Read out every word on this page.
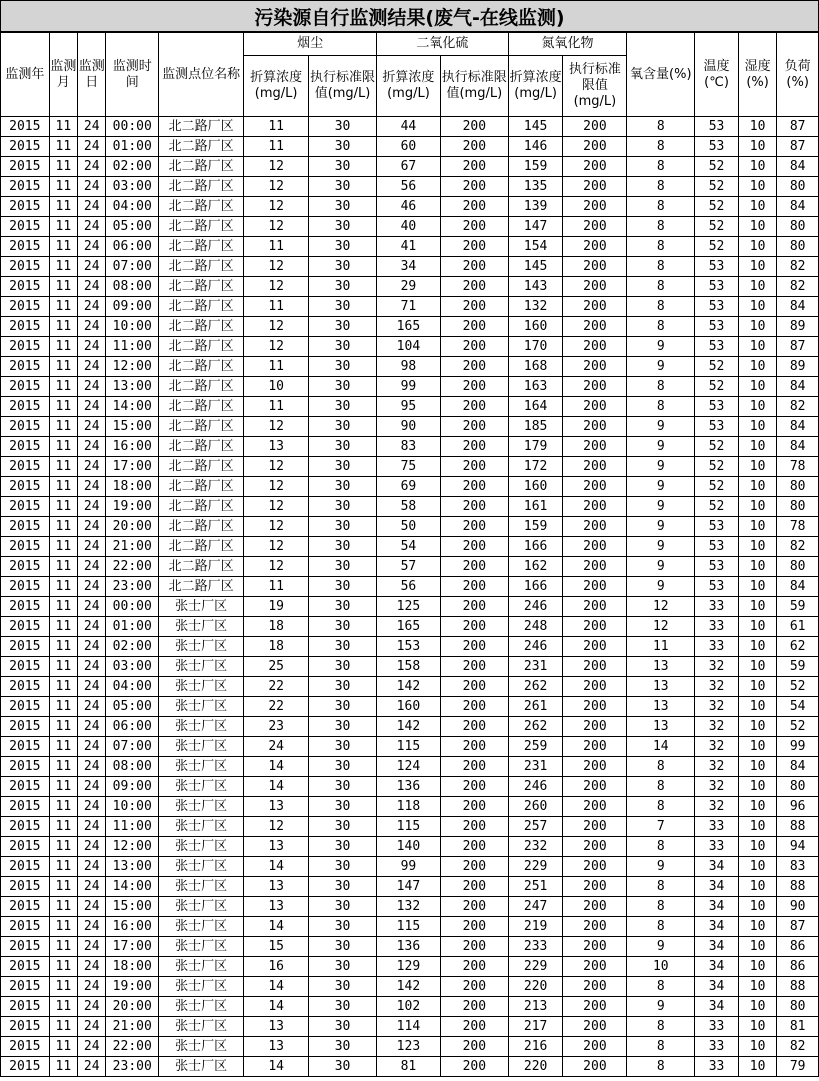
污染源自行监测结果(废气-在线监测)
监测年	监测月	监测日	监测时间	监测点位名称	烟尘		二氧化硫		氮氧化物		氧含量(%)	温度(℃)	湿度(%)	负荷(%)
					折算浓度(mg/L)	执行标准限值(mg/L)	折算浓度(mg/L)	执行标准限值(mg/L)	折算浓度(mg/L)	执行标准限值(mg/L)				
2015	11	24	00:00	北二路厂区	11	30	44	200	145	200	8	53	10	87
2015	11	24	01:00	北二路厂区	11	30	60	200	146	200	8	53	10	87
2015	11	24	02:00	北二路厂区	12	30	67	200	159	200	8	52	10	84
2015	11	24	03:00	北二路厂区	12	30	56	200	135	200	8	52	10	80
2015	11	24	04:00	北二路厂区	12	30	46	200	139	200	8	52	10	84
2015	11	24	05:00	北二路厂区	12	30	40	200	147	200	8	52	10	80
2015	11	24	06:00	北二路厂区	11	30	41	200	154	200	8	52	10	80
2015	11	24	07:00	北二路厂区	12	30	34	200	145	200	8	53	10	82
2015	11	24	08:00	北二路厂区	12	30	29	200	143	200	8	53	10	82
2015	11	24	09:00	北二路厂区	11	30	71	200	132	200	8	53	10	84
2015	11	24	10:00	北二路厂区	12	30	165	200	160	200	8	53	10	89
2015	11	24	11:00	北二路厂区	12	30	104	200	170	200	9	53	10	87
2015	11	24	12:00	北二路厂区	11	30	98	200	168	200	9	52	10	89
2015	11	24	13:00	北二路厂区	10	30	99	200	163	200	8	52	10	84
2015	11	24	14:00	北二路厂区	11	30	95	200	164	200	8	53	10	82
2015	11	24	15:00	北二路厂区	12	30	90	200	185	200	9	53	10	84
2015	11	24	16:00	北二路厂区	13	30	83	200	179	200	9	52	10	84
2015	11	24	17:00	北二路厂区	12	30	75	200	172	200	9	52	10	78
2015	11	24	18:00	北二路厂区	12	30	69	200	160	200	9	52	10	80
2015	11	24	19:00	北二路厂区	12	30	58	200	161	200	9	52	10	80
2015	11	24	20:00	北二路厂区	12	30	50	200	159	200	9	53	10	78
2015	11	24	21:00	北二路厂区	12	30	54	200	166	200	9	53	10	82
2015	11	24	22:00	北二路厂区	12	30	57	200	162	200	9	53	10	80
2015	11	24	23:00	北二路厂区	11	30	56	200	166	200	9	53	10	84
2015	11	24	00:00	张士厂区	19	30	125	200	246	200	12	33	10	59
2015	11	24	01:00	张士厂区	18	30	165	200	248	200	12	33	10	61
2015	11	24	02:00	张士厂区	18	30	153	200	246	200	11	33	10	62
2015	11	24	03:00	张士厂区	25	30	158	200	231	200	13	32	10	59
2015	11	24	04:00	张士厂区	22	30	142	200	262	200	13	32	10	52
2015	11	24	05:00	张士厂区	22	30	160	200	261	200	13	32	10	54
2015	11	24	06:00	张士厂区	23	30	142	200	262	200	13	32	10	52
2015	11	24	07:00	张士厂区	24	30	115	200	259	200	14	32	10	99
2015	11	24	08:00	张士厂区	14	30	124	200	231	200	8	32	10	84
2015	11	24	09:00	张士厂区	14	30	136	200	246	200	8	32	10	80
2015	11	24	10:00	张士厂区	13	30	118	200	260	200	8	32	10	96
2015	11	24	11:00	张士厂区	12	30	115	200	257	200	7	33	10	88
2015	11	24	12:00	张士厂区	13	30	140	200	232	200	8	33	10	94
2015	11	24	13:00	张士厂区	14	30	99	200	229	200	9	34	10	83
2015	11	24	14:00	张士厂区	13	30	147	200	251	200	8	34	10	88
2015	11	24	15:00	张士厂区	13	30	132	200	247	200	8	34	10	90
2015	11	24	16:00	张士厂区	14	30	115	200	219	200	8	34	10	87
2015	11	24	17:00	张士厂区	15	30	136	200	233	200	9	34	10	86
2015	11	24	18:00	张士厂区	16	30	129	200	229	200	10	34	10	86
2015	11	24	19:00	张士厂区	14	30	142	200	220	200	8	34	10	88
2015	11	24	20:00	张士厂区	14	30	102	200	213	200	9	34	10	80
2015	11	24	21:00	张士厂区	13	30	114	200	217	200	8	33	10	81
2015	11	24	22:00	张士厂区	13	30	123	200	216	200	8	33	10	82
2015	11	24	23:00	张士厂区	14	30	81	200	220	200	8	33	10	79
